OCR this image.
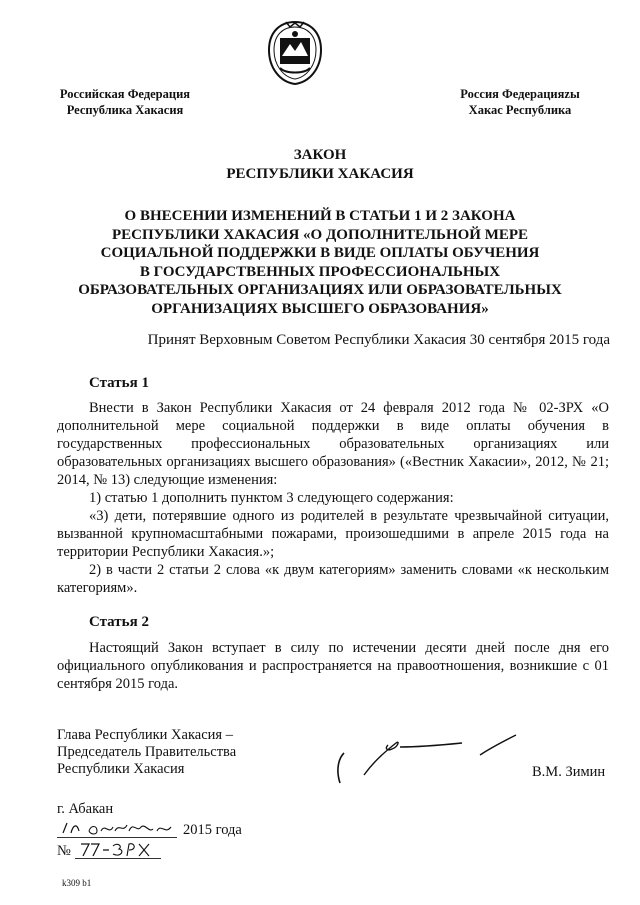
Российская Федерация
Республика Хакасия
Россия Федерацияzы
Хакас Республика
ЗАКОН
РЕСПУБЛИКИ ХАКАСИЯ
О ВНЕСЕНИИ ИЗМЕНЕНИЙ В СТАТЬИ 1 И 2 ЗАКОНА
РЕСПУБЛИКИ ХАКАСИЯ «О ДОПОЛНИТЕЛЬНОЙ МЕРЕ
СОЦИАЛЬНОЙ ПОДДЕРЖКИ В ВИДЕ ОПЛАТЫ ОБУЧЕНИЯ
В ГОСУДАРСТВЕННЫХ ПРОФЕССИОНАЛЬНЫХ
ОБРАЗОВАТЕЛЬНЫХ ОРГАНИЗАЦИЯХ ИЛИ ОБРАЗОВАТЕЛЬНЫХ
ОРГАНИЗАЦИЯХ ВЫСШЕГО ОБРАЗОВАНИЯ»
Принят Верховным Советом Республики Хакасия 30 сентября 2015 года
Статья 1
Внести в Закон Республики Хакасия от 24 февраля 2012 года № 02-ЗРХ «О дополнительной мере социальной поддержки в виде оплаты обучения в государственных профессиональных образовательных организациях или образовательных организациях высшего образования» («Вестник Хакасии», 2012, № 21; 2014, № 13) следующие изменения:
1) статью 1 дополнить пунктом 3 следующего содержания:
«3) дети, потерявшие одного из родителей в результате чрезвычайной ситуации, вызванной крупномасштабными пожарами, произошедшими в апреле 2015 года на территории Республики Хакасия.»;
2) в части 2 статьи 2 слова «к двум категориям» заменить словами «к нескольким категориям».
Статья 2
Настоящий Закон вступает в силу по истечении десяти дней после дня его официального опубликования и распространяется на правоотношения, возникшие с 01 сентября 2015 года.
Глава Республики Хакасия –
Председатель Правительства
Республики Хакасия	В.М. Зимин
г. Абакан
2015 года
№
k309 b1
